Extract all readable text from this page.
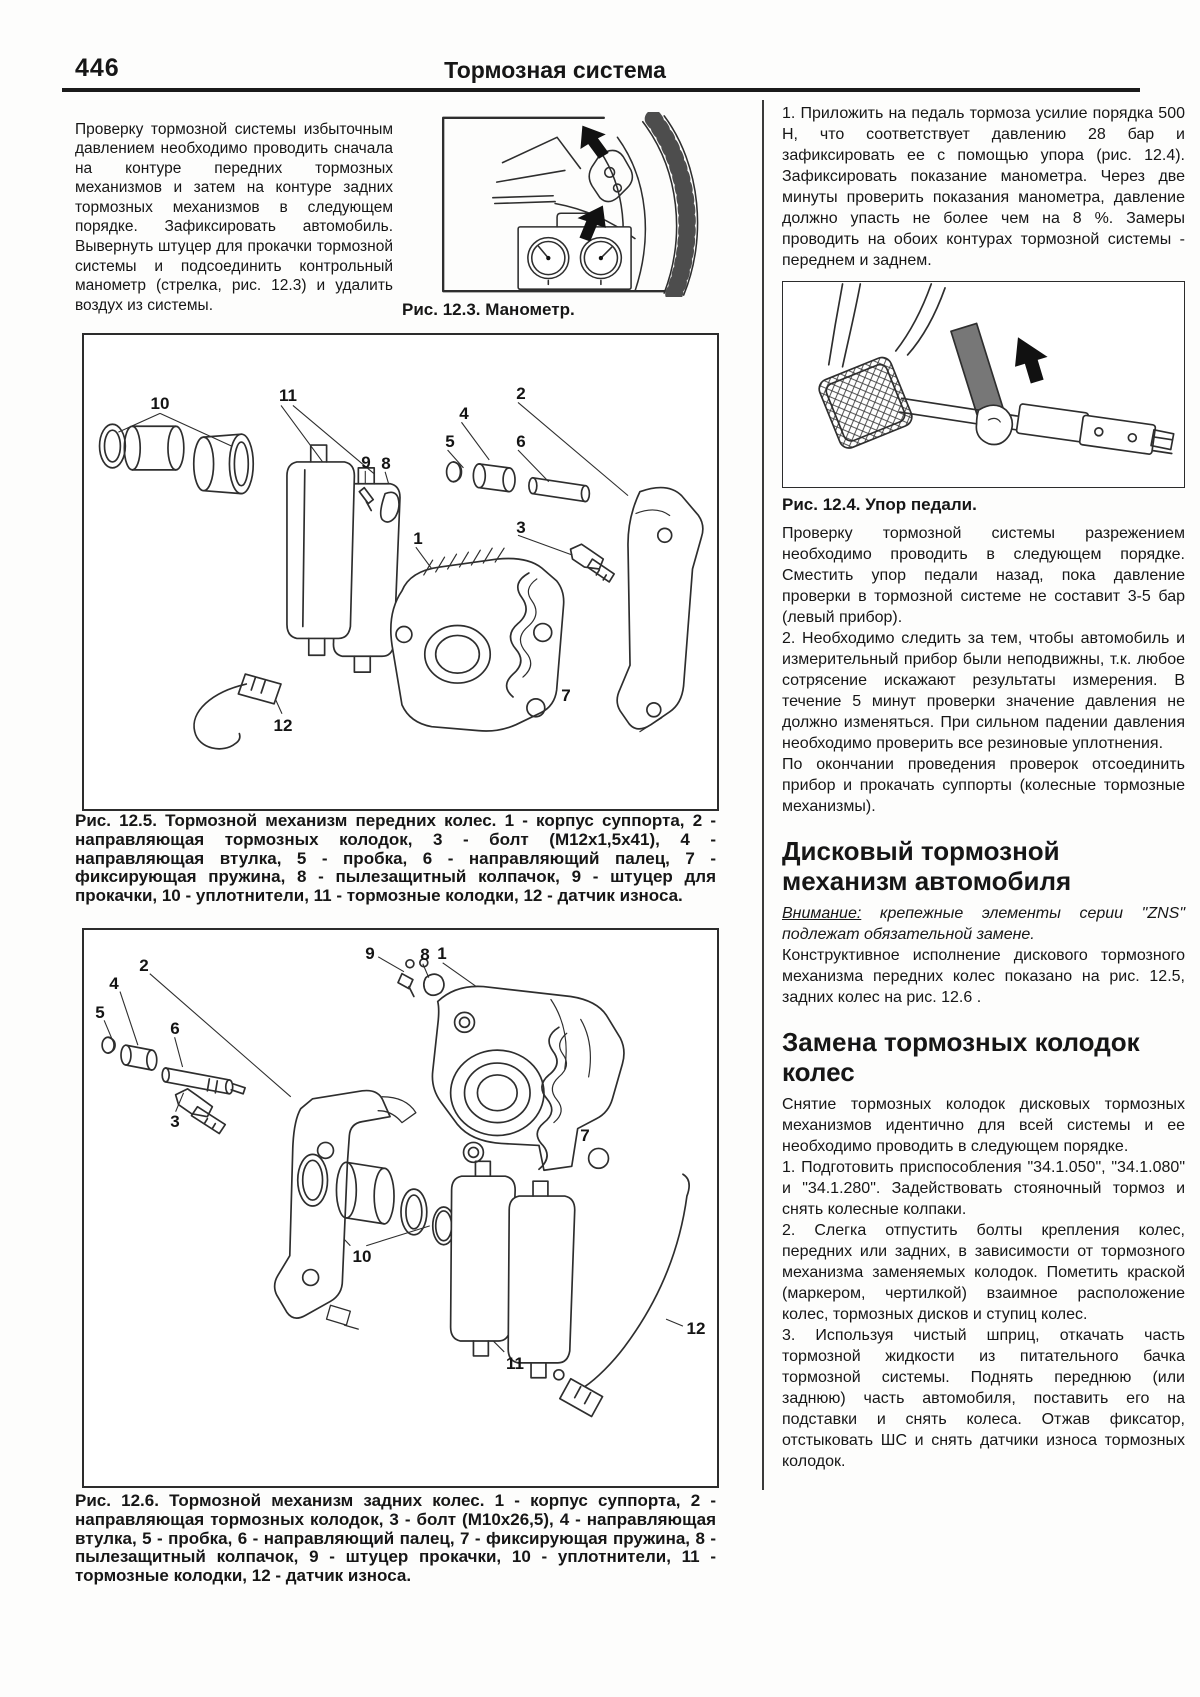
446	Тормозная система

Проверку тормозной системы избыточным давлением необходимо проводить сначала на контуре передних тормозных механизмов и затем на контуре задних тормозных механизмов в следующем порядке. Зафиксировать автомобиль. Вывернуть штуцер для прокачки тормозной системы и подсоединить контрольный манометр (стрелка, рис. 12.3) и удалить воздух из системы.	Рис. 12.3. Манометр.
10	11	2
4
5	6
9 8
3
1
7
12
Рис. 12.5. Тормозной механизм передних колес. 1 - корпус суппорта, 2 - направляющая тормозных колодок, 3 - болт (М12х1,5х41), 4 - направляющая втулка, 5 - пробка, 6 - направляющий палец, 7 - фиксирующая пружина, 8 - пылезащитный колпачок, 9 - штуцер для прокачки, 10 - уплотнители, 11 - тормозные колодки, 12 - датчик износа.
2
4
5
6
3
9	8 1
7
10
11
12
Рис. 12.6. Тормозной механизм задних колес. 1 - корпус суппорта, 2 - направляющая тормозных колодок, 3 - болт (М10х26,5), 4 - направляющая втулка, 5 - пробка, 6 - направляющий палец, 7 - фиксирующая пружина, 8 - пылезащитный колпачок, 9 - штуцер прокачки, 10 - уплотнители, 11 - тормозные колодки, 12 - датчик износа.

1. Приложить на педаль тормоза усилие порядка 500 Н, что соответствует давлению 28 бар и зафиксировать ее с помощью упора (рис. 12.4). Зафиксировать показание манометра. Через две минуты проверить показания манометра, давление должно упасть не более чем на 8 %. Замеры проводить на обоих контурах тормозной системы - переднем и заднем.

Рис. 12.4. Упор педали.

Проверку тормозной системы разрежением необходимо проводить в следующем порядке. Сместить упор педали назад, пока давление проверки в тормозной системе не составит 3-5 бар (левый прибор).

2. Необходимо следить за тем, чтобы автомобиль и измерительный прибор были неподвижны, т.к. любое сотрясение искажают результаты измерения. В течение 5 минут проверки значение давления не должно изменяться. При сильном падении давления необходимо проверить все резиновые уплотнения.

По окончании проведения проверок отсоединить прибор и прокачать суппорты (колесные тормозные механизмы).

Дисковый тормозной механизм автомобиля

Внимание: крепежные элементы серии "ZNS" подлежат обязательной замене.

Конструктивное исполнение дискового тормозного механизма передних колес показано на рис. 12.5, задних колес на рис. 12.6 .

Замена тормозных колодок колес

Снятие тормозных колодок дисковых тормозных механизмов идентично для всей системы и ее необходимо проводить в следующем порядке.

1. Подготовить приспособления "34.1.050", "34.1.080" и "34.1.280". Задействовать стояночный тормоз и снять колесные колпаки.

2. Слегка отпустить болты крепления колес, передних или задних, в зависимости от тормозного механизма заменяемых колодок. Пометить краской (маркером, чертилкой) взаимное расположение колес, тормозных дисков и ступиц колес.

3. Используя чистый шприц, откачать часть тормозной жидкости из питательного бачка тормозной системы. Поднять переднюю (или заднюю) часть автомобиля, поставить его на подставки и снять колеса. Отжав фиксатор, отстыковать ШС и снять датчики износа тормозных колодок.
